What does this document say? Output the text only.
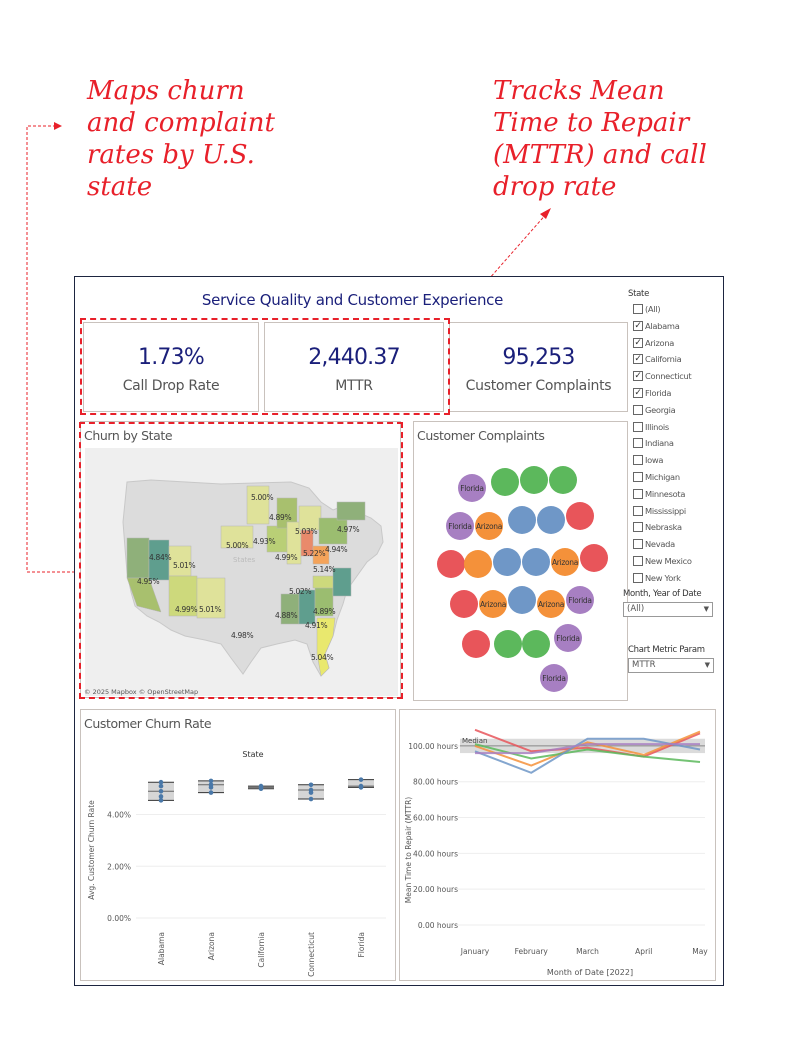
Maps churn
and complaint
rates by U.S.
state
Tracks Mean
Time to Repair
(MTTR) and call
drop rate
Service Quality and Customer Experience
1.73%
Call Drop Rate
2,440.37
MTTR
95,253
Customer Complaints
Churn by State
States
5.00%
4.89%
5.03%	4.97%
5.00% 4.93%
4.99% 5.22% 4.94%
5.14%
4.84%
5.01%
4.95%
4.99% 5.01%
5.02%
4.88% 4.89%
4.91%
4.98%
5.04%
© 2025 Mapbox © OpenStreetMap
Customer Complaints
Florida
Florida Arizona
Arizona
Arizona	Florida
Arizona
Florida
Florida
Customer Churn Rate
State
Avg. Customer Churn Rate 4.00%
2.00%
0.00%
Alabama	Arizona	California	Connecticut	Florida
Mean Time to Repair (MTTR)
Month of Date [2022]
100.00 hours
80.00 hours
60.00 hours
40.00 hours
20.00 hours
0.00 hours
Median
January	February	March	April	May
State
(All)
✓ Alabama
✓ Arizona
✓ California
✓ Connecticut
✓ Florida
Georgia
Illinois
Indiana
Iowa
Michigan
Minnesota
Mississippi
Nebraska
Nevada
New Mexico
New York
Month, Year of Date
(All)	▼
Chart Metric Param
MTTR	▼
